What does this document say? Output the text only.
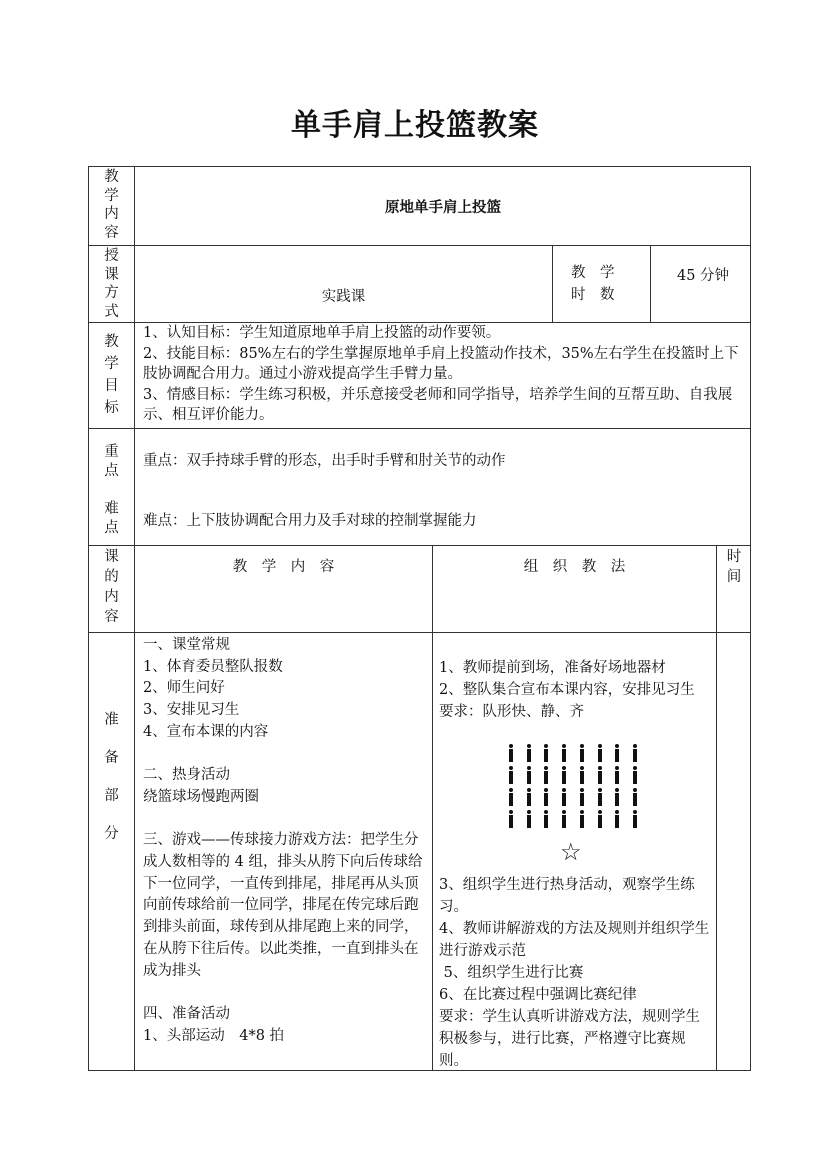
单手肩上投篮教案
教
学
内
容
原地单手肩上投篮
授
课
方
式
实践课
教　学
时　数
45 分钟
教
学
目
标
1、认知目标：学生知道原地单手肩上投篮的动作要领。
2、技能目标：85%左右的学生掌握原地单手肩上投篮动作技术，35%左右学生在投篮时上下肢协调配合用力。通过小游戏提高学生手臂力量。
3、情感目标：学生练习积极，并乐意接受老师和同学指导，培养学生间的互帮互助、自我展示、相互评价能力。
重
点

难
点
重点：双手持球手臂的形态，出手时手臂和肘关节的动作
难点：上下肢协调配合用力及手对球的控制掌握能力
课
的
内
容
教　学　内　容	组　织　教　法
时
间
准

备

部

分
一、课堂常规
1、体育委员整队报数
2、师生问好
3、安排见习生
4、宣布本课的内容

二、热身活动
绕篮球场慢跑两圈

三、游戏——传球接力游戏方法：把学生分成人数相等的 4 组，排头从胯下向后传球给下一位同学，一直传到排尾，排尾再从头顶向前传球给前一位同学，排尾在传完球后跑到排头前面，球传到从排尾跑上来的同学，在从胯下往后传。以此类推，一直到排头在成为排头

四、准备活动
1、头部运动　4*8 拍

1、教师提前到场，准备好场地器材
2、整队集合宣布本课内容，安排见习生
要求：队形快、静、齐
3、组织学生进行热身活动，观察学生练习。
4、教师讲解游戏的方法及规则并组织学生进行游戏示范
5、组织学生进行比赛
6、在比赛过程中强调比赛纪律
要求：学生认真听讲游戏方法，规则学生积极参与，进行比赛，严格遵守比赛规则。
☆
